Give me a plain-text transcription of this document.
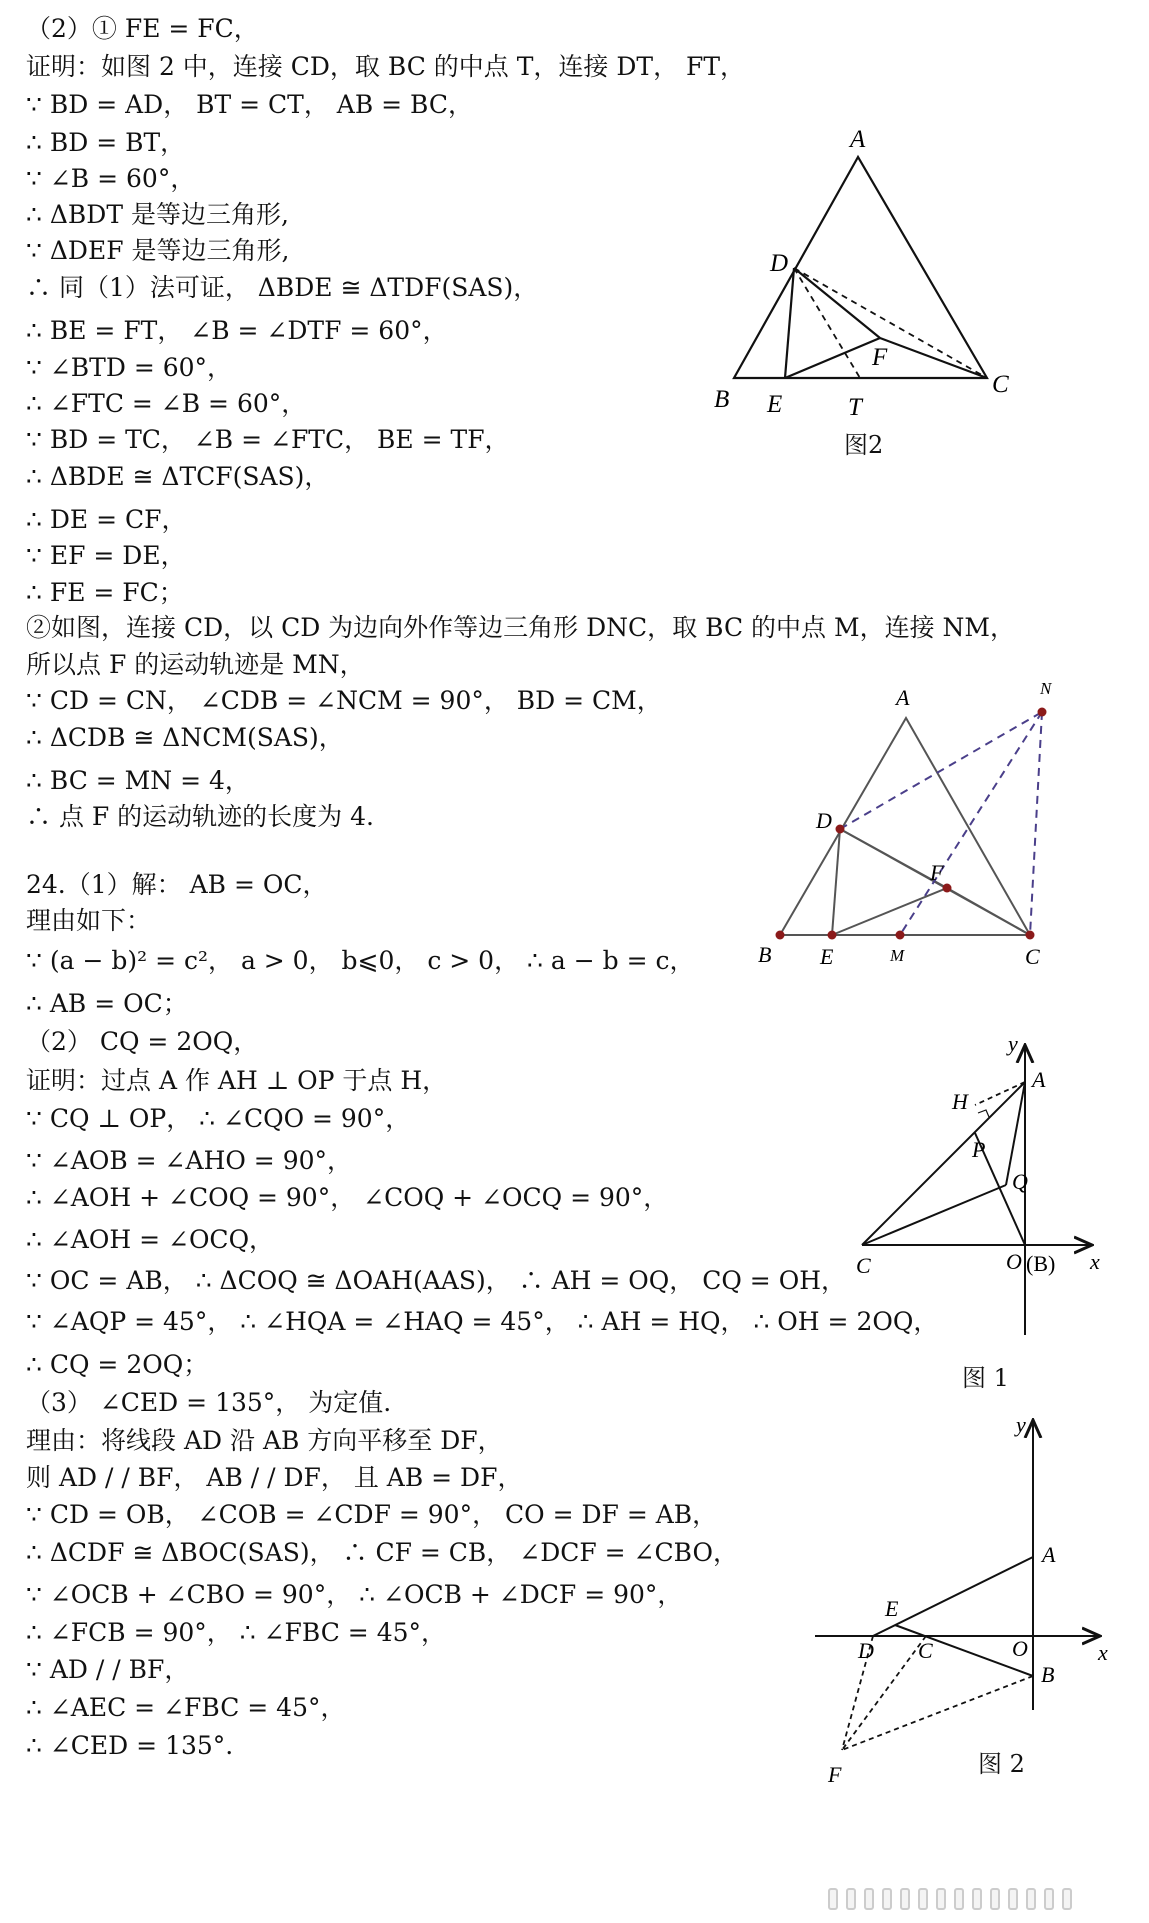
（2）① FE = FC，
证明：如图 2 中，连接 CD，取 BC 的中点 T，连接 DT， FT，
∵ BD = AD， BT = CT， AB = BC，
∴ BD = BT，
∵ ∠B = 60°，
∴ ΔBDT 是等边三角形,
∵ ΔDEF 是等边三角形,
∴ 同（1）法可证， ΔBDE ≅ ΔTDF(SAS)，
∴ BE = FT， ∠B = ∠DTF = 60°，
∵ ∠BTD = 60°，
∴ ∠FTC = ∠B = 60°，
∵ BD = TC， ∠B = ∠FTC， BE = TF，
∴ ΔBDE ≅ ΔTCF(SAS)，
∴ DE = CF，
∵ EF = DE，
∴ FE = FC；
②如图，连接 CD，以 CD 为边向外作等边三角形 DNC，取 BC 的中点 M，连接 NM，
所以点 F 的运动轨迹是 MN，
∵ CD = CN， ∠CDB = ∠NCM = 90°， BD = CM，
∴ ΔCDB ≅ ΔNCM(SAS)，
∴ BC = MN = 4，
∴ 点 F 的运动轨迹的长度为 4.
24.（1）解： AB = OC，
理由如下：
∵ (a − b)² = c²， a > 0， b⩽0， c > 0， ∴ a − b = c，
∴ AB = OC；
（2） CQ = 2OQ，
证明：过点 A 作 AH ⊥ OP 于点 H，
∵ CQ ⊥ OP， ∴ ∠CQO = 90°，
∵ ∠AOB = ∠AHO = 90°，
∴ ∠AOH + ∠COQ = 90°， ∠COQ + ∠OCQ = 90°，
∴ ∠AOH = ∠OCQ，
∵ OC = AB， ∴ ΔCOQ ≅ ΔOAH(AAS)， ∴ AH = OQ， CQ = OH，
∵ ∠AQP = 45°， ∴ ∠HQA = ∠HAQ = 45°， ∴ AH = HQ， ∴ OH = 2OQ，
∴ CQ = 2OQ；
（3） ∠CED = 135°， 为定值.
理由：将线段 AD 沿 AB 方向平移至 DF，
则 AD / / BF， AB / / DF， 且 AB = DF，
∵ CD = OB， ∠COB = ∠CDF = 90°， CO = DF = AB，
∴ ΔCDF ≅ ΔBOC(SAS)， ∴ CF = CB， ∠DCF = ∠CBO，
∵ ∠OCB + ∠CBO = 90°， ∴ ∠OCB + ∠DCF = 90°，
∴ ∠FCB = 90°， ∴ ∠FBC = 45°，
∵ AD / / BF，
∴ ∠AEC = ∠FBC = 45°，
∴ ∠CED = 135°.
A
D
F
B E	T
C
图2
A	N
D
F
B E	M	C
y
A
H
P
Q
C	O (B) x
图 1
y
A
E
D C	O	x
B
F	图 2
